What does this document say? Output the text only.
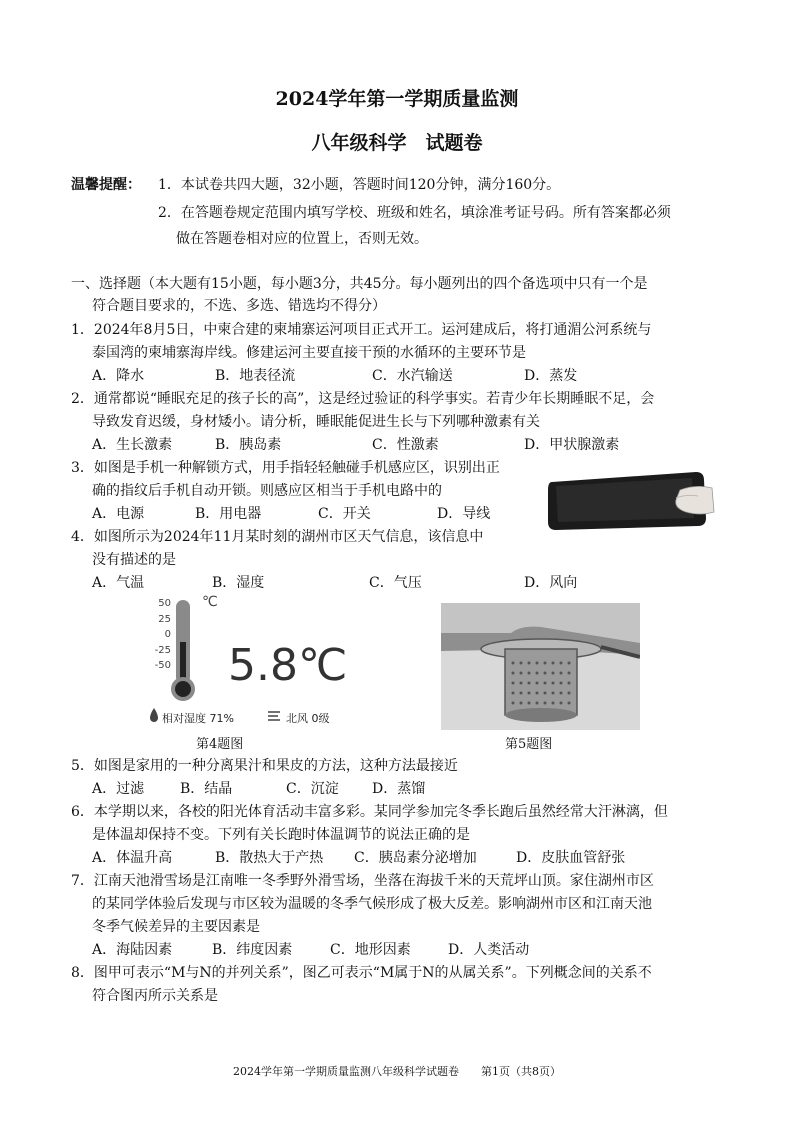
2024学年第一学期质量监测
八年级科学　试题卷
温馨提醒： 1．本试卷共四大题，32小题，答题时间120分钟，满分160分。
2．在答题卷规定范围内填写学校、班级和姓名，填涂准考证号码。所有答案都必须
做在答题卷相对应的位置上，否则无效。
一、选择题（本大题有15小题，每小题3分，共45分。每小题列出的四个备选项中只有一个是
符合题目要求的，不选、多选、错选均不得分）
1．2024年8月5日，中柬合建的柬埔寨运河项目正式开工。运河建成后，将打通湄公河系统与
泰国湾的柬埔寨海岸线。修建运河主要直接干预的水循环的主要环节是
A．降水	B．地表径流	C．水汽输送	D．蒸发
2．通常都说“睡眠充足的孩子长的高”，这是经过验证的科学事实。若青少年长期睡眠不足，会
导致发育迟缓，身材矮小。请分析，睡眠能促进生长与下列哪种激素有关
A．生长激素	B．胰岛素	C．性激素	D．甲状腺激素
3．如图是手机一种解锁方式，用手指轻轻触碰手机感应区，识别出正
确的指纹后手机自动开锁。则感应区相当于手机电路中的
A．电源	B．用电器	C．开关	D．导线
4．如图所示为2024年11月某时刻的湖州市区天气信息，该信息中
没有描述的是
A．气温	B．湿度	C．气压	D．风向
50
25
0
-25
-50
℃
5.8℃
相对湿度 71%	北风 0级
第4题图	第5题图
5．如图是家用的一种分离果汁和果皮的方法，这种方法最接近
A．过滤	B．结晶	C．沉淀 D．蒸馏
6．本学期以来，各校的阳光体育活动丰富多彩。某同学参加完冬季长跑后虽然经常大汗淋漓，但
是体温却保持不变。下列有关长跑时体温调节的说法正确的是
A．体温升高	B．散热大于产热 C．胰岛素分泌增加	D．皮肤血管舒张
7．江南天池滑雪场是江南唯一冬季野外滑雪场，坐落在海拔千米的天荒坪山顶。家住湖州市区
的某同学体验后发现与市区较为温暖的冬季气候形成了极大反差。影响湖州市区和江南天池
冬季气候差异的主要因素是
A．海陆因素	B．纬度因素	C．地形因素	D．人类活动
8．图甲可表示“M与N的并列关系”，图乙可表示“M属于N的从属关系”。下列概念间的关系不
符合图丙所示关系是
2024学年第一学期质量监测八年级科学试题卷　　第1页（共8页）
